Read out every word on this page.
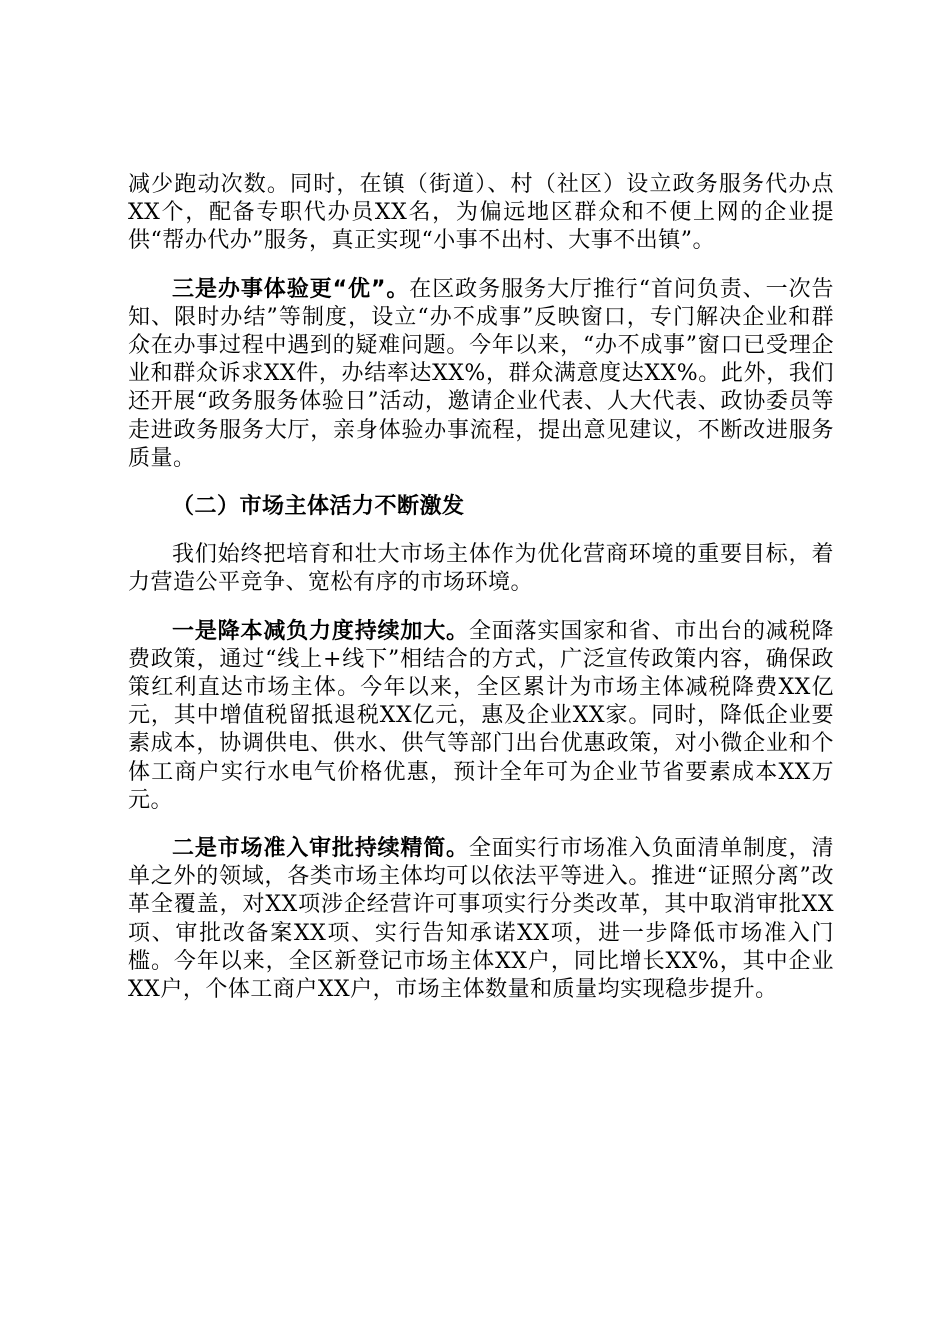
减少跑动次数。同时，在镇（街道）、村（社区）设立政务服务代办点XX个，配备专职代办员XX名，为偏远地区群众和不便上网的企业提供“帮办代办”服务，真正实现“小事不出村、大事不出镇”。

三是办事体验更“优”。在区政务服务大厅推行“首问负责、一次告知、限时办结”等制度，设立“办不成事”反映窗口，专门解决企业和群众在办事过程中遇到的疑难问题。今年以来，“办不成事”窗口已受理企业和群众诉求XX件，办结率达XX%，群众满意度达XX%。此外，我们还开展“政务服务体验日”活动，邀请企业代表、人大代表、政协委员等走进政务服务大厅，亲身体验办事流程，提出意见建议，不断改进服务质量。

（二）市场主体活力不断激发

我们始终把培育和壮大市场主体作为优化营商环境的重要目标，着力营造公平竞争、宽松有序的市场环境。

一是降本减负力度持续加大。全面落实国家和省、市出台的减税降费政策，通过“线上+线下”相结合的方式，广泛宣传政策内容，确保政策红利直达市场主体。今年以来，全区累计为市场主体减税降费XX亿元，其中增值税留抵退税XX亿元，惠及企业XX家。同时，降低企业要素成本，协调供电、供水、供气等部门出台优惠政策，对小微企业和个体工商户实行水电气价格优惠，预计全年可为企业节省要素成本XX万元。

二是市场准入审批持续精简。全面实行市场准入负面清单制度，清单之外的领域，各类市场主体均可以依法平等进入。推进“证照分离”改革全覆盖，对XX项涉企经营许可事项实行分类改革，其中取消审批XX项、审批改备案XX项、实行告知承诺XX项，进一步降低市场准入门槛。今年以来，全区新登记市场主体XX户，同比增长XX%，其中企业XX户，个体工商户XX户，市场主体数量和质量均实现稳步提升。
